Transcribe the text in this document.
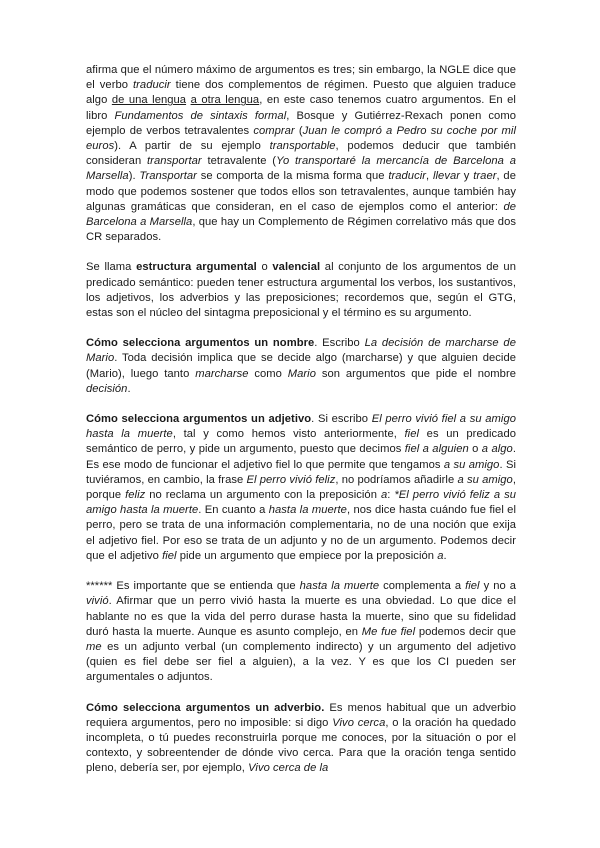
afirma que el número máximo de argumentos es tres; sin embargo, la NGLE dice que el verbo traducir tiene dos complementos de régimen. Puesto que alguien traduce algo de una lengua a otra lengua, en este caso tenemos cuatro argumentos. En el libro Fundamentos de sintaxis formal, Bosque y Gutiérrez-Rexach ponen como ejemplo de verbos tetravalentes comprar (Juan le compró a Pedro su coche por mil euros). A partir de su ejemplo transportable, podemos deducir que también consideran transportar tetravalente (Yo transportaré la mercancía de Barcelona a Marsella). Transportar se comporta de la misma forma que traducir, llevar y traer, de modo que podemos sostener que todos ellos son tetravalentes, aunque también hay algunas gramáticas que consideran, en el caso de ejemplos como el anterior: de Barcelona a Marsella, que hay un Complemento de Régimen correlativo más que dos CR separados.

Se llama estructura argumental o valencial al conjunto de los argumentos de un predicado semántico: pueden tener estructura argumental los verbos, los sustantivos, los adjetivos, los adverbios y las preposiciones; recordemos que, según el GTG, estas son el núcleo del sintagma preposicional y el término es su argumento.

Cómo selecciona argumentos un nombre. Escribo La decisión de marcharse de Mario. Toda decisión implica que se decide algo (marcharse) y que alguien decide (Mario), luego tanto marcharse como Mario son argumentos que pide el nombre decisión.

Cómo selecciona argumentos un adjetivo. Si escribo El perro vivió fiel a su amigo hasta la muerte, tal y como hemos visto anteriormente, fiel es un predicado semántico de perro, y pide un argumento, puesto que decimos fiel a alguien o a algo. Es ese modo de funcionar el adjetivo fiel lo que permite que tengamos a su amigo. Si tuviéramos, en cambio, la frase El perro vivió feliz, no podríamos añadirle a su amigo, porque feliz no reclama un argumento con la preposición a: *El perro vivió feliz a su amigo hasta la muerte. En cuanto a hasta la muerte, nos dice hasta cuándo fue fiel el perro, pero se trata de una información complementaria, no de una noción que exija el adjetivo fiel. Por eso se trata de un adjunto y no de un argumento. Podemos decir que el adjetivo fiel pide un argumento que empiece por la preposición a.

****** Es importante que se entienda que hasta la muerte complementa a fiel y no a vivió. Afirmar que un perro vivió hasta la muerte es una obviedad. Lo que dice el hablante no es que la vida del perro durase hasta la muerte, sino que su fidelidad duró hasta la muerte. Aunque es asunto complejo, en Me fue fiel podemos decir que me es un adjunto verbal (un complemento indirecto) y un argumento del adjetivo (quien es fiel debe ser fiel a alguien), a la vez. Y es que los CI pueden ser argumentales o adjuntos.

Cómo selecciona argumentos un adverbio. Es menos habitual que un adverbio requiera argumentos, pero no imposible: si digo Vivo cerca, o la oración ha quedado incompleta, o tú puedes reconstruirla porque me conoces, por la situación o por el contexto, y sobreentender de dónde vivo cerca. Para que la oración tenga sentido pleno, debería ser, por ejemplo, Vivo cerca de la
